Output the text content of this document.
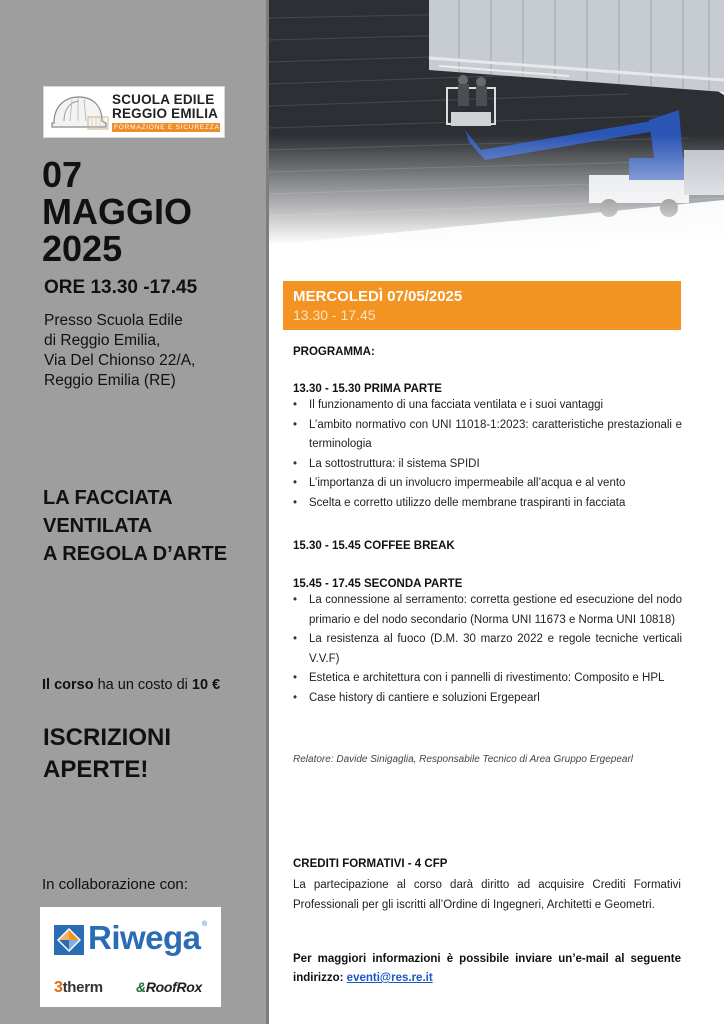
SCUOLA EDILE
REGGIO EMILIA
FORMAZIONE E SICUREZZA
07
MAGGIO
2025
ORE 13.30 -17.45
Presso Scuola Edile
di Reggio Emilia,
Via Del Chionso 22/A,
Reggio Emilia (RE)
LA FACCIATA
VENTILATA
A REGOLA D’ARTE
Il corso ha un costo di 10 €
ISCRIZIONI
APERTE!
In collaborazione con:
Riwega ®
3therm &RoofRox
MERCOLEDÌ 07/05/2025
13.30 - 17.45
PROGRAMMA:
13.30 - 15.30 PRIMA PARTE
• Il funzionamento di una facciata ventilata e i suoi vantaggi
• L’ambito normativo con UNI 11018-1:2023: caratteristiche prestazionali e terminologia
• La sottostruttura: il sistema SPIDI
• L’importanza di un involucro impermeabile all’acqua e al vento
• Scelta e corretto utilizzo delle membrane traspiranti in facciata
15.30 - 15.45 COFFEE BREAK
15.45 - 17.45 SECONDA PARTE
• La connessione al serramento: corretta gestione ed esecuzione del nodo primario e del nodo secondario (Norma UNI 11673 e Norma UNI 10818)
• La resistenza al fuoco (D.M. 30 marzo 2022 e regole tecniche verticali V.V.F)
• Estetica e architettura con i pannelli di rivestimento: Composito e HPL
• Case history di cantiere e soluzioni Ergepearl
Relatore: Davide Sinigaglia, Responsabile Tecnico di Area Gruppo Ergepearl
CREDITI FORMATIVI - 4 CFP
La partecipazione al corso darà diritto ad acquisire Crediti Formativi Professionali per gli iscritti all’Ordine di Ingegneri, Architetti e Geometri.
Per maggiori informazioni è possibile inviare un’e-mail al seguente indirizzo: eventi@res.re.it
